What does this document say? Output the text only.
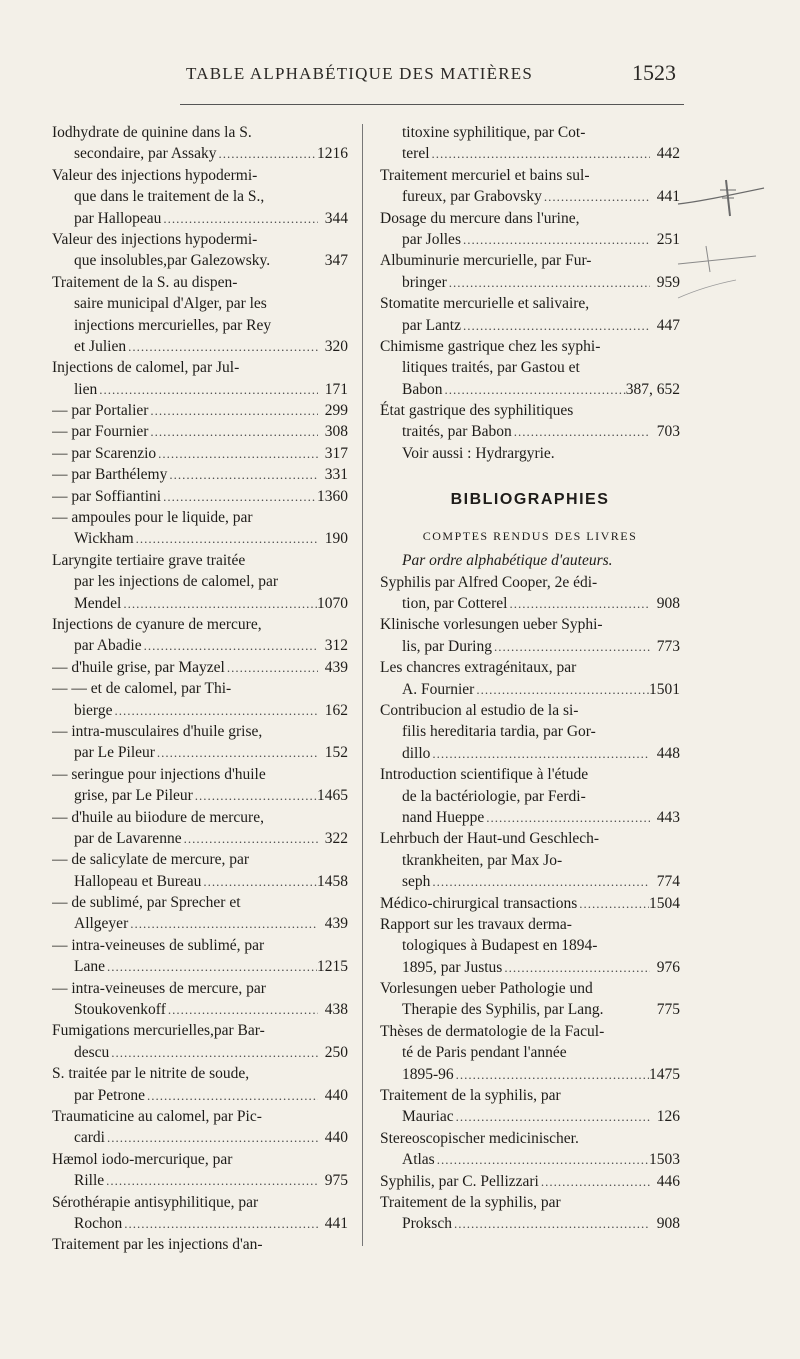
TABLE ALPHABÉTIQUE DES MATIÈRES	1523
Iodhydrate de quinine dans la S.
secondaire, par Assaky .....	1216
Valeur des injections hypodermi-
que dans le traitement de la S.,
par Hallopeau .....	344
Valeur des injections hypodermi-
que insolubles,par Galezowsky.	347
Traitement de la S. au dispen-
saire municipal d'Alger, par les
injections mercurielles, par Rey
et Julien .....	320
Injections de calomel, par Jul-
lien .....	171
— par Portalier .....	299
— par Fournier .....	308
— par Scarenzio .....	317
— par Barthélemy .....	331
— par Soffiantini .....	1360
— ampoules pour le liquide, par
Wickham .....	190
Laryngite tertiaire grave traitée
par les injections de calomel, par
Mendel .....	1070
Injections de cyanure de mercure,
par Abadie .....	312
— d'huile grise, par Mayzel .....	439
— — et de calomel, par Thi-
bierge .....	162
— intra-musculaires d'huile grise,
par Le Pileur .....	152
— seringue pour injections d'huile
grise, par Le Pileur .....	1465
— d'huile au biiodure de mercure,
par de Lavarenne .....	322
— de salicylate de mercure, par
Hallopeau et Bureau .....	1458
— de sublimé, par Sprecher et
Allgeyer .....	439
— intra-veineuses de sublimé, par
Lane .....	1215
— intra-veineuses de mercure, par
Stoukovenkoff .....	438
Fumigations mercurielles,par Bar-
descu .....	250
S. traitée par le nitrite de soude,
par Petrone .....	440
Traumaticine au calomel, par Pic-
cardi .....	440
Hæmol iodo-mercurique, par
Rille .....	975
Sérothérapie antisyphilitique, par
Rochon .....	441
Traitement par les injections d'an-
titoxine syphilitique, par Cot-
terel .....	442
Traitement mercuriel et bains sul-
fureux, par Grabovsky .....	441
Dosage du mercure dans l'urine,
par Jolles .....	251
Albuminurie mercurielle, par Fur-
bringer .....	959
Stomatite mercurielle et salivaire,
par Lantz .....	447
Chimisme gastrique chez les syphi-
litiques traités, par Gastou et
Babon .....	387, 652
État gastrique des syphilitiques
traités, par Babon .....	703
Voir aussi : Hydrargyrie.
BIBLIOGRAPHIES
COMPTES RENDUS DES LIVRES
Par ordre alphabétique d'auteurs.
Syphilis par Alfred Cooper, 2e édi-
tion, par Cotterel .....	908
Klinische vorlesungen ueber Syphi-
lis, par During .....	773
Les chancres extragénitaux, par
A. Fournier .....	1501
Contribucion al estudio de la si-
filis hereditaria tardia, par Gor-
dillo .....	448
Introduction scientifique à l'étude
de la bactériologie, par Ferdi-
nand Hueppe .....	443
Lehrbuch der Haut-und Geschlech-
tkrankheiten, par Max Jo-
seph .....	774
Médico-chirurgical transactions .....	1504
Rapport sur les travaux derma-
tologiques à Budapest en 1894-
1895, par Justus .....	976
Vorlesungen ueber Pathologie und
Therapie des Syphilis, par Lang.	775
Thèses de dermatologie de la Facul-
té de Paris pendant l'année
1895-96 .....	1475
Traitement de la syphilis, par
Mauriac .....	126
Stereoscopischer medicinischer.
Atlas .....	1503
Syphilis, par C. Pellizzari .....	446
Traitement de la syphilis, par
Proksch .....	908
